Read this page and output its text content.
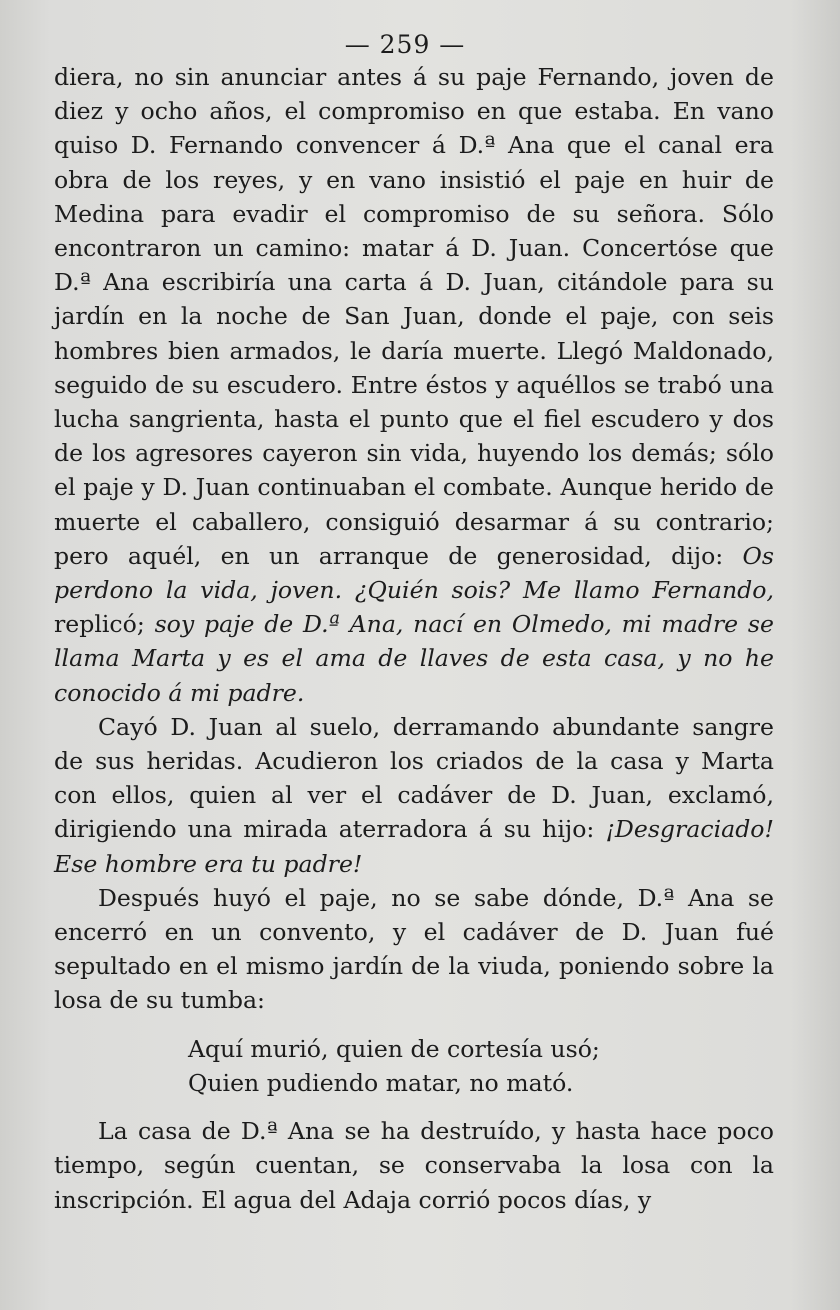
— 259 —

diera, no sin anunciar antes á su paje Fernando, joven de diez y ocho años, el compromiso en que estaba. En vano quiso D. Fernando convencer á D.ª Ana que el canal era obra de los reyes, y en vano insistió el paje en huir de Medina para evadir el compromiso de su señora. Sólo encontraron un camino: matar á D. Juan. Concertóse que D.ª Ana escribiría una carta á D. Juan, citándole para su jardín en la noche de San Juan, donde el paje, con seis hombres bien armados, le daría muerte. Llegó Maldonado, seguido de su escudero. Entre éstos y aquéllos se trabó una lucha sangrienta, hasta el punto que el fiel escudero y dos de los agresores cayeron sin vida, huyendo los demás; sólo el paje y D. Juan continuaban el combate. Aunque herido de muerte el caballero, consiguió desarmar á su contrario; pero aquél, en un arranque de generosidad, dijo: Os perdono la vida, joven. ¿Quién sois? Me llamo Fernando, replicó; soy paje de D.ª Ana, nací en Olmedo, mi madre se llama Marta y es el ama de llaves de esta casa, y no he conocido á mi padre.

Cayó D. Juan al suelo, derramando abundante sangre de sus heridas. Acudieron los criados de la casa y Marta con ellos, quien al ver el cadáver de D. Juan, exclamó, dirigiendo una mirada aterradora á su hijo: ¡Desgraciado! Ese hombre era tu padre!

Después huyó el paje, no se sabe dónde, D.ª Ana se encerró en un convento, y el cadáver de D. Juan fué sepultado en el mismo jardín de la viuda, poniendo sobre la losa de su tumba:

Aquí murió, quien de cortesía usó;
Quien pudiendo matar, no mató.

La casa de D.ª Ana se ha destruído, y hasta hace poco tiempo, según cuentan, se conservaba la losa con la inscripción. El agua del Adaja corrió pocos días, y
